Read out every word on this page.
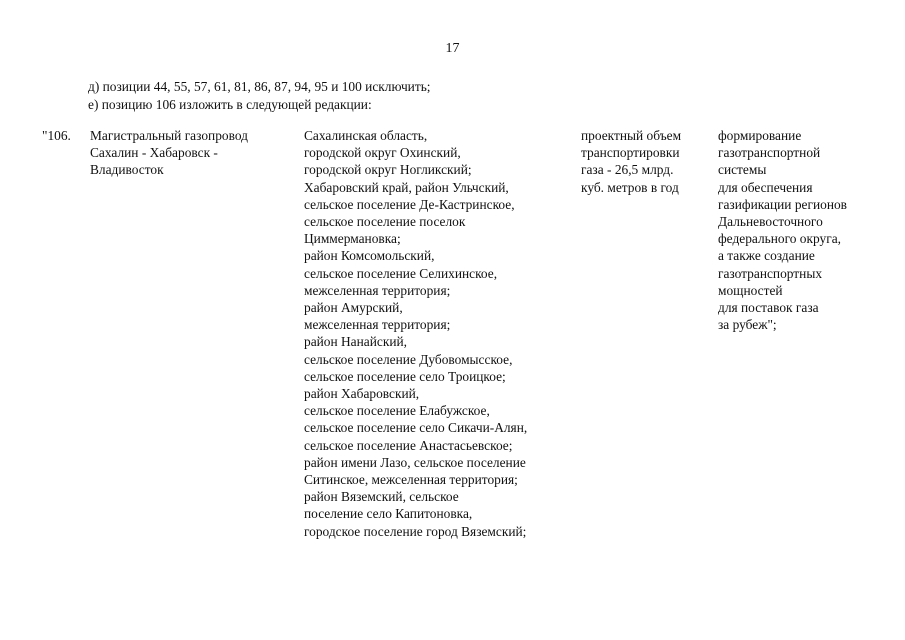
17
д) позиции 44, 55, 57, 61, 81, 86, 87, 94, 95 и 100 исключить;
е) позицию 106 изложить в следующей редакции:
"106. Магистральный газопровод
Сахалин - Хабаровск -
Владивосток
Сахалинская область,
городской округ Охинский,
городской округ Ногликский;
Хабаровский край, район Ульчский,
сельское поселение Де-Кастринское,
сельское поселение поселок
Циммермановка;
район Комсомольский,
сельское поселение Селихинское,
межселенная территория;
район Амурский,
межселенная территория;
район Нанайский,
сельское поселение Дубовомысское,
сельское поселение село Троицкое;
район Хабаровский,
сельское поселение Елабужское,
сельское поселение село Сикачи-Алян,
сельское поселение Анастасьевское;
район имени Лазо, сельское поселение
Ситинское, межселенная территория;
район Вяземский, сельское
поселение село Капитоновка,
городское поселение город Вяземский;
проектный объем
транспортировки
газа - 26,5 млрд.
куб. метров в год
формирование
газотранспортной
системы
для обеспечения
газификации регионов
Дальневосточного
федерального округа,
а также создание
газотранспортных
мощностей
для поставок газа
за рубеж";
